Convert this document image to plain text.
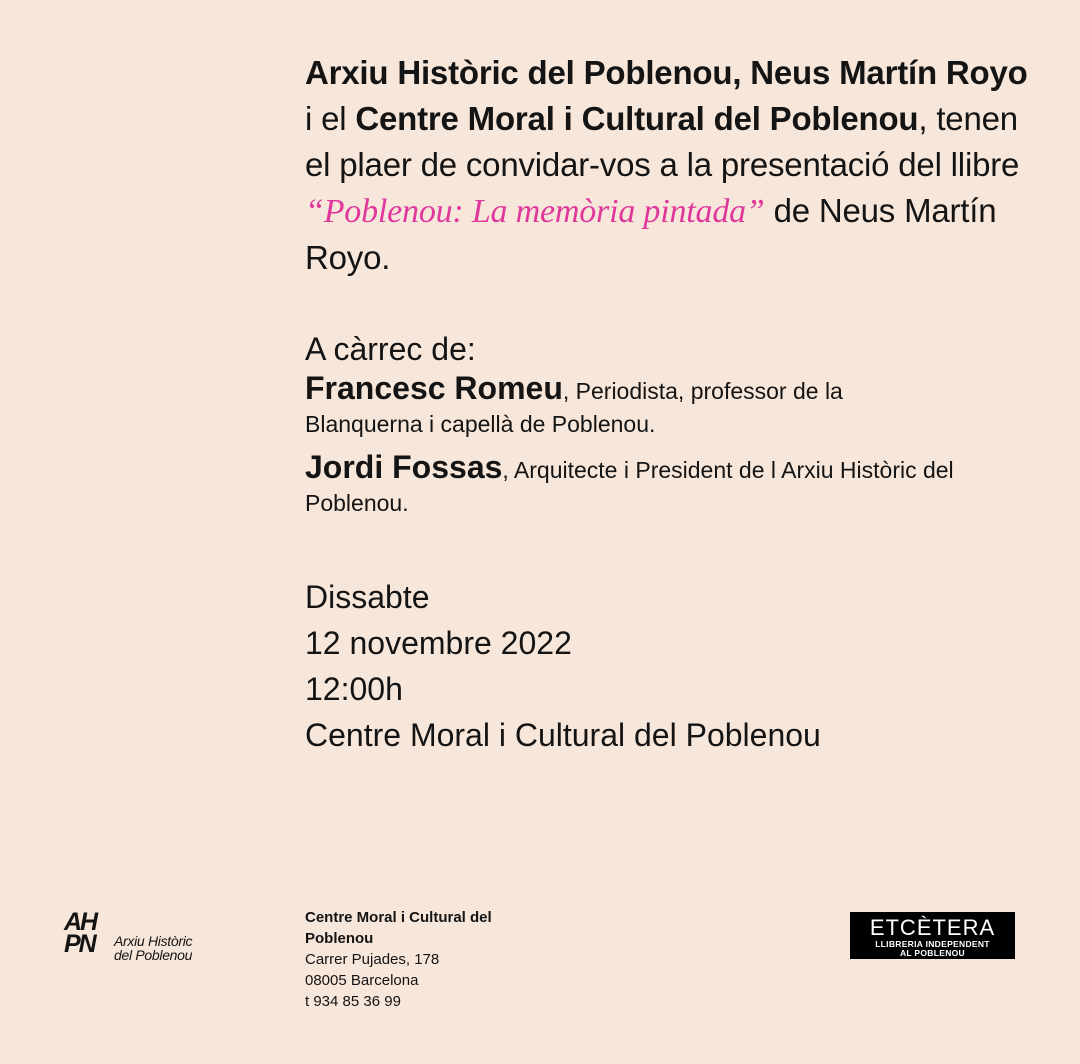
Arxiu Històric del Poblenou, Neus Martín Royo i el Centre Moral i Cultural del Poblenou, tenen el plaer de convidar-vos a la presentació del llibre “Poblenou: La memòria pintada” de Neus Martín Royo.

A càrrec de:

Francesc Romeu, Periodista, professor de la Blanquerna i capellà de Poblenou.

Jordi Fossas, Arquitecte i President de l Arxiu Històric del Poblenou.

Dissabte
12 novembre 2022
12:00h
Centre Moral i Cultural del Poblenou
AH
PN Arxiu Històric
del Poblenou
Centre Moral i Cultural del Poblenou
Carrer Pujades, 178
08005 Barcelona
t 934 85 36 99
ETCÈTERA
LLIBRERIA INDEPENDENT
AL POBLENOU
